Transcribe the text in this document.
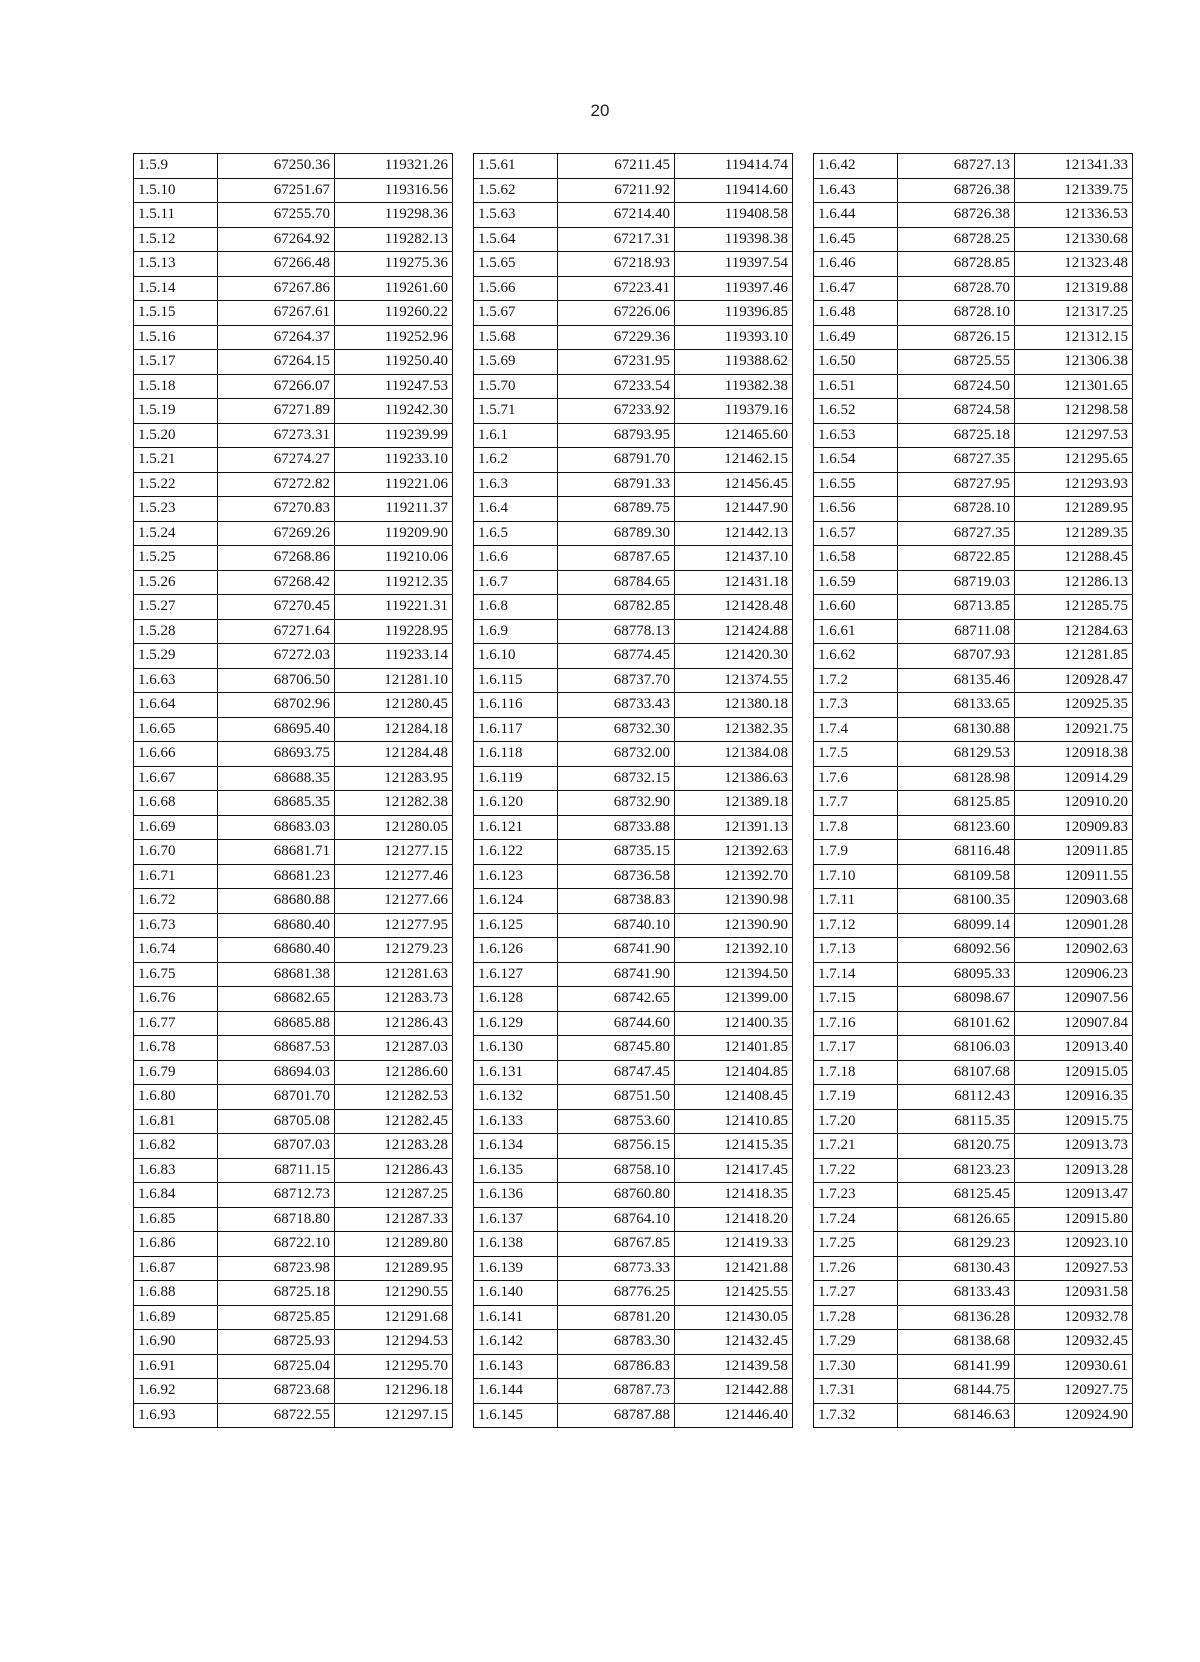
20
1.5.9	67250.36	119321.26
1.5.10	67251.67	119316.56
1.5.11	67255.70	119298.36
1.5.12	67264.92	119282.13
1.5.13	67266.48	119275.36
1.5.14	67267.86	119261.60
1.5.15	67267.61	119260.22
1.5.16	67264.37	119252.96
1.5.17	67264.15	119250.40
1.5.18	67266.07	119247.53
1.5.19	67271.89	119242.30
1.5.20	67273.31	119239.99
1.5.21	67274.27	119233.10
1.5.22	67272.82	119221.06
1.5.23	67270.83	119211.37
1.5.24	67269.26	119209.90
1.5.25	67268.86	119210.06
1.5.26	67268.42	119212.35
1.5.27	67270.45	119221.31
1.5.28	67271.64	119228.95
1.5.29	67272.03	119233.14
1.6.63	68706.50	121281.10
1.6.64	68702.96	121280.45
1.6.65	68695.40	121284.18
1.6.66	68693.75	121284.48
1.6.67	68688.35	121283.95
1.6.68	68685.35	121282.38
1.6.69	68683.03	121280.05
1.6.70	68681.71	121277.15
1.6.71	68681.23	121277.46
1.6.72	68680.88	121277.66
1.6.73	68680.40	121277.95
1.6.74	68680.40	121279.23
1.6.75	68681.38	121281.63
1.6.76	68682.65	121283.73
1.6.77	68685.88	121286.43
1.6.78	68687.53	121287.03
1.6.79	68694.03	121286.60
1.6.80	68701.70	121282.53
1.6.81	68705.08	121282.45
1.6.82	68707.03	121283.28
1.6.83	68711.15	121286.43
1.6.84	68712.73	121287.25
1.6.85	68718.80	121287.33
1.6.86	68722.10	121289.80
1.6.87	68723.98	121289.95
1.6.88	68725.18	121290.55
1.6.89	68725.85	121291.68
1.6.90	68725.93	121294.53
1.6.91	68725.04	121295.70
1.6.92	68723.68	121296.18
1.6.93	68722.55	121297.15
1.5.61	67211.45	119414.74
1.5.62	67211.92	119414.60
1.5.63	67214.40	119408.58
1.5.64	67217.31	119398.38
1.5.65	67218.93	119397.54
1.5.66	67223.41	119397.46
1.5.67	67226.06	119396.85
1.5.68	67229.36	119393.10
1.5.69	67231.95	119388.62
1.5.70	67233.54	119382.38
1.5.71	67233.92	119379.16
1.6.1	68793.95	121465.60
1.6.2	68791.70	121462.15
1.6.3	68791.33	121456.45
1.6.4	68789.75	121447.90
1.6.5	68789.30	121442.13
1.6.6	68787.65	121437.10
1.6.7	68784.65	121431.18
1.6.8	68782.85	121428.48
1.6.9	68778.13	121424.88
1.6.10	68774.45	121420.30
1.6.115	68737.70	121374.55
1.6.116	68733.43	121380.18
1.6.117	68732.30	121382.35
1.6.118	68732.00	121384.08
1.6.119	68732.15	121386.63
1.6.120	68732.90	121389.18
1.6.121	68733.88	121391.13
1.6.122	68735.15	121392.63
1.6.123	68736.58	121392.70
1.6.124	68738.83	121390.98
1.6.125	68740.10	121390.90
1.6.126	68741.90	121392.10
1.6.127	68741.90	121394.50
1.6.128	68742.65	121399.00
1.6.129	68744.60	121400.35
1.6.130	68745.80	121401.85
1.6.131	68747.45	121404.85
1.6.132	68751.50	121408.45
1.6.133	68753.60	121410.85
1.6.134	68756.15	121415.35
1.6.135	68758.10	121417.45
1.6.136	68760.80	121418.35
1.6.137	68764.10	121418.20
1.6.138	68767.85	121419.33
1.6.139	68773.33	121421.88
1.6.140	68776.25	121425.55
1.6.141	68781.20	121430.05
1.6.142	68783.30	121432.45
1.6.143	68786.83	121439.58
1.6.144	68787.73	121442.88
1.6.145	68787.88	121446.40
1.6.42	68727.13	121341.33
1.6.43	68726.38	121339.75
1.6.44	68726.38	121336.53
1.6.45	68728.25	121330.68
1.6.46	68728.85	121323.48
1.6.47	68728.70	121319.88
1.6.48	68728.10	121317.25
1.6.49	68726.15	121312.15
1.6.50	68725.55	121306.38
1.6.51	68724.50	121301.65
1.6.52	68724.58	121298.58
1.6.53	68725.18	121297.53
1.6.54	68727.35	121295.65
1.6.55	68727.95	121293.93
1.6.56	68728.10	121289.95
1.6.57	68727.35	121289.35
1.6.58	68722.85	121288.45
1.6.59	68719.03	121286.13
1.6.60	68713.85	121285.75
1.6.61	68711.08	121284.63
1.6.62	68707.93	121281.85
1.7.2	68135.46	120928.47
1.7.3	68133.65	120925.35
1.7.4	68130.88	120921.75
1.7.5	68129.53	120918.38
1.7.6	68128.98	120914.29
1.7.7	68125.85	120910.20
1.7.8	68123.60	120909.83
1.7.9	68116.48	120911.85
1.7.10	68109.58	120911.55
1.7.11	68100.35	120903.68
1.7.12	68099.14	120901.28
1.7.13	68092.56	120902.63
1.7.14	68095.33	120906.23
1.7.15	68098.67	120907.56
1.7.16	68101.62	120907.84
1.7.17	68106.03	120913.40
1.7.18	68107.68	120915.05
1.7.19	68112.43	120916.35
1.7.20	68115.35	120915.75
1.7.21	68120.75	120913.73
1.7.22	68123.23	120913.28
1.7.23	68125.45	120913.47
1.7.24	68126.65	120915.80
1.7.25	68129.23	120923.10
1.7.26	68130.43	120927.53
1.7.27	68133.43	120931.58
1.7.28	68136.28	120932.78
1.7.29	68138.68	120932.45
1.7.30	68141.99	120930.61
1.7.31	68144.75	120927.75
1.7.32	68146.63	120924.90
